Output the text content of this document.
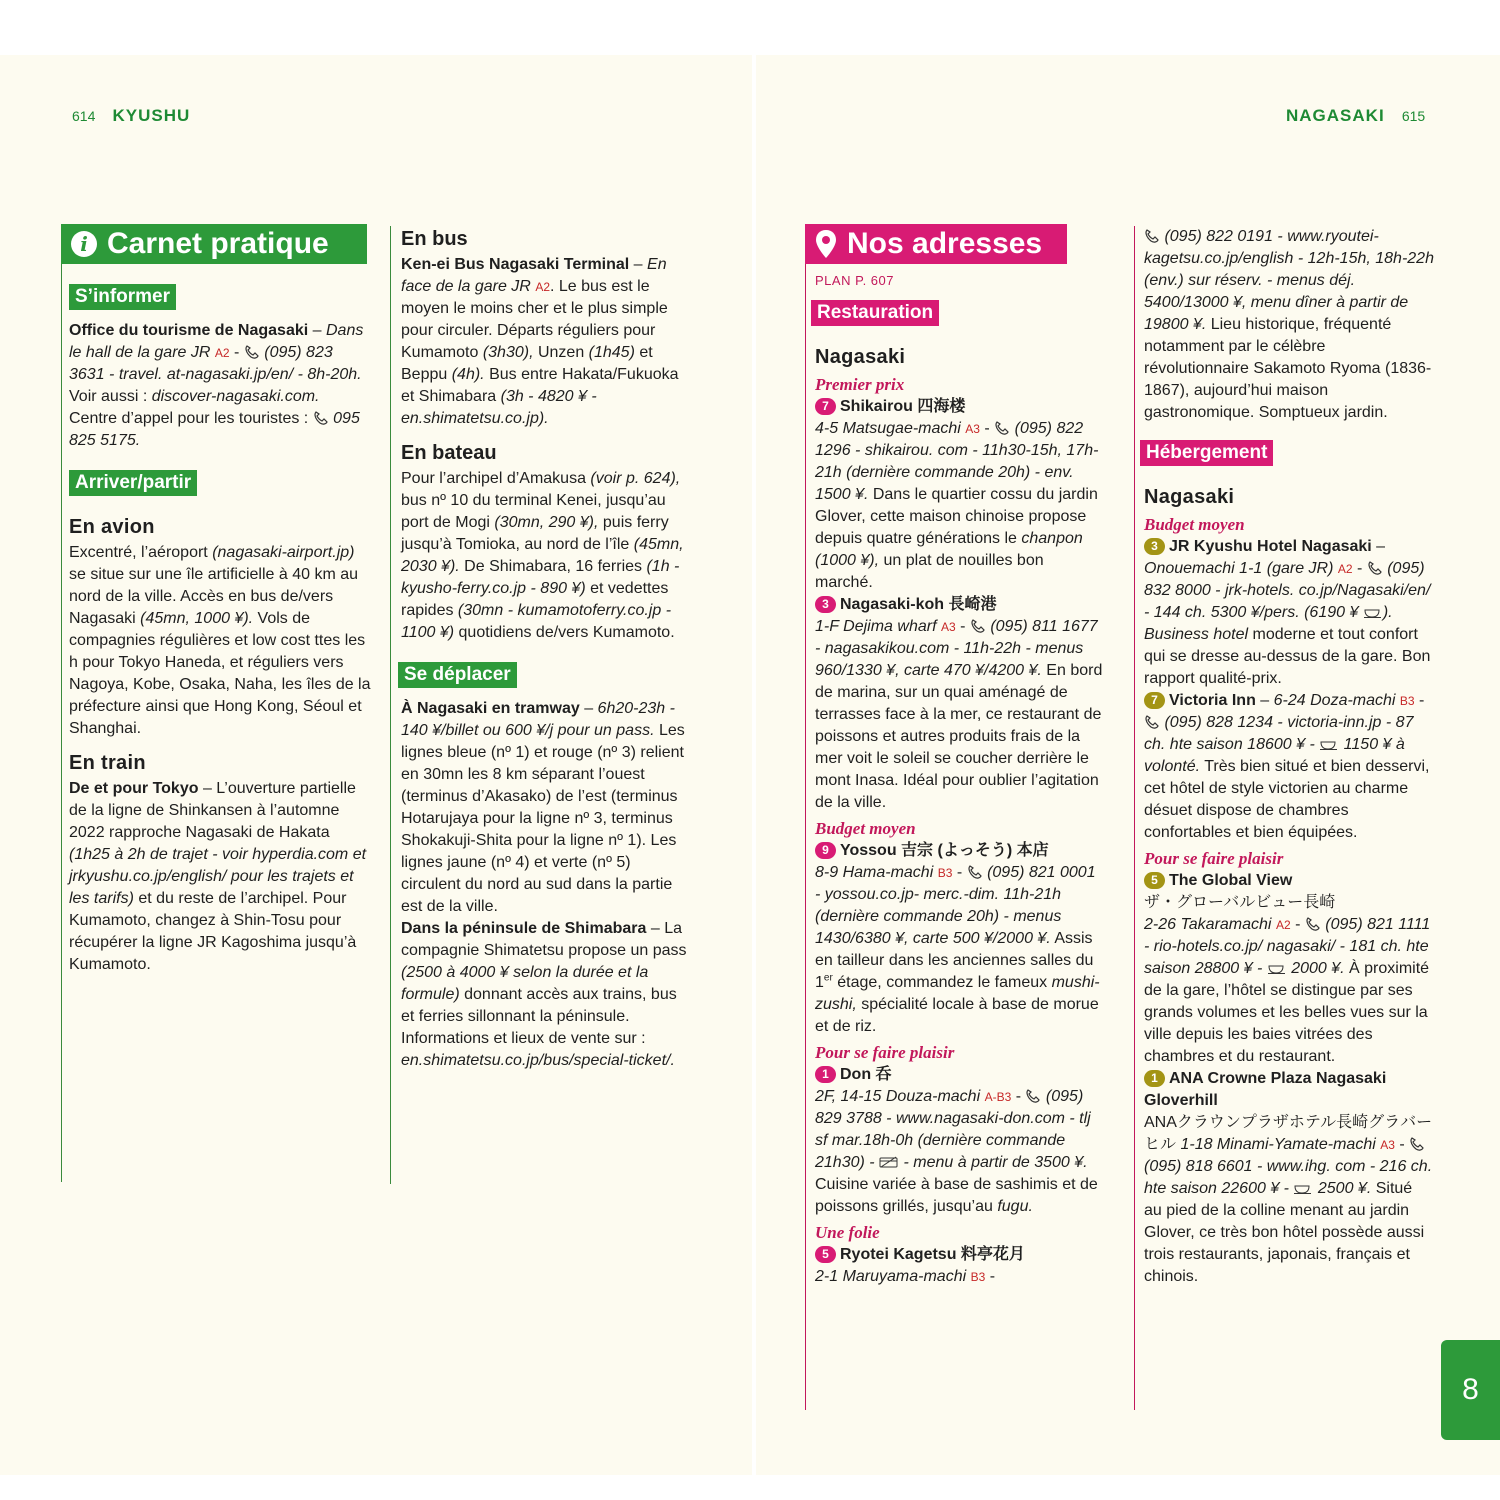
614 KYUSHU	NAGASAKI 615
i Carnet pratique
S’informer

Office du tourisme de Nagasaki – Dans le hall de la gare JR A2 -  (095) 823 3631 - travel. at-nagasaki.jp/en/ - 8h-20h. Voir aussi : discover-nagasaki.com. Centre d’appel pour les touristes :  095 825 5175.

Arriver/partir
En avion

Excentré, l’aéroport (nagasaki-airport.jp) se situe sur une île artificielle à 40 km au nord de la ville. Accès en bus de/vers Nagasaki (45mn, 1000 ¥). Vols de compagnies régulières et low cost ttes les h pour Tokyo Haneda, et réguliers vers Nagoya, Kobe, Osaka, Naha, les îles de la préfecture ainsi que Hong Kong, Séoul et Shanghai.

En train

De et pour Tokyo – L’ouverture partielle de la ligne de Shinkansen à l’automne 2022 rapproche Nagasaki de Hakata (1h25 à 2h de trajet - voir hyperdia.com et jrkyushu.co.jp/english/ pour les trajets et les tarifs) et du reste de l’archipel. Pour Kumamoto, changez à Shin-Tosu pour récupérer la ligne JR Kagoshima jusqu’à Kumamoto.

En bus

Ken-ei Bus Nagasaki Terminal – En face de la gare JR A2. Le bus est le moyen le moins cher et le plus simple pour circuler. Départs réguliers pour Kumamoto (3h30), Unzen (1h45) et Beppu (4h). Bus entre Hakata/Fukuoka et Shimabara (3h - 4820 ¥ - en.shimatetsu.co.jp).

En bateau

Pour l’archipel d’Amakusa (voir p. 624), bus nº 10 du terminal Kenei, jusqu’au port de Mogi (30mn, 290 ¥), puis ferry jusqu’à Tomioka, au nord de l’île (45mn, 2030 ¥). De Shimabara, 16 ferries (1h - kyusho-ferry.co.jp - 890 ¥) et vedettes rapides (30mn - kumamotoferry.co.jp - 1100 ¥) quotidiens de/vers Kumamoto.

Se déplacer

À Nagasaki en tramway – 6h20-23h - 140 ¥/billet ou 600 ¥/j pour un pass. Les lignes bleue (nº 1) et rouge (nº 3) relient en 30mn les 8 km séparant l’ouest (terminus d’Akasako) de l’est (terminus Hotarujaya pour la ligne nº 3, terminus Shokakuji-Shita pour la ligne nº 1). Les lignes jaune (nº 4) et verte (nº 5) circulent du nord au sud dans la partie est de la ville.

Dans la péninsule de Shimabara – La compagnie Shimatetsu propose un pass (2500 à 4000 ¥ selon la durée et la formule) donnant accès aux trains, bus et ferries sillonnant la péninsule. Informations et lieux de vente sur : en.shimatetsu.co.jp/bus/special-ticket/.

Nos adresses
PLAN P. 607
Restauration
Nagasaki
Premier prix

7 Shikairou 四海楼
4-5 Matsugae-machi A3 -  (095) 822 1296 - shikairou. com - 11h30-15h, 17h-21h (dernière commande 20h) - env. 1500 ¥. Dans le quartier cossu du jardin Glover, cette maison chinoise propose depuis quatre générations le chanpon (1000 ¥), un plat de nouilles bon marché.

3 Nagasaki-koh 長崎港
1-F Dejima wharf A3 -  (095) 811 1677 - nagasakikou.com - 11h-22h - menus 960/1330 ¥, carte 470 ¥/4200 ¥. En bord de marina, sur un quai aménagé de terrasses face à la mer, ce restaurant de poissons et autres produits frais de la mer voit le soleil se coucher derrière le mont Inasa. Idéal pour oublier l’agitation de la ville.

Budget moyen

9 Yossou 吉宗 (よっそう) 本店
8-9 Hama-machi B3 -  (095) 821 0001 - yossou.co.jp- merc.-dim. 11h-21h (dernière commande 20h) - menus 1430/6380 ¥, carte 500 ¥/2000 ¥. Assis en tailleur dans les anciennes salles du 1er étage, commandez le fameux mushi-zushi, spécialité locale à base de morue et de riz.

Pour se faire plaisir

1 Don 呑
2F, 14-15 Douza-machi A-B3 -  (095) 829 3788 - www.nagasaki-don.com - tlj sf mar.18h-0h (dernière commande 21h30) -  - menu à partir de 3500 ¥. Cuisine variée à base de sashimis et de poissons grillés, jusqu’au fugu.

Une folie

5 Ryotei Kagetsu 料亭花月
2-1 Maruyama-machi B3 -

(095) 822 0191 - www.ryoutei-kagetsu.co.jp/english - 12h-15h, 18h-22h (env.) sur réserv. - menus déj. 5400/13000 ¥, menu dîner à partir de 19800 ¥. Lieu historique, fréquenté notamment par le célèbre révolutionnaire Sakamoto Ryoma (1836-1867), aujourd’hui maison gastronomique. Somptueux jardin.

Hébergement
Nagasaki
Budget moyen

3 JR Kyushu Hotel Nagasaki – Onouemachi 1-1 (gare JR) A2 -  (095) 832 8000 - jrk-hotels. co.jp/Nagasaki/en/ - 144 ch. 5300 ¥/pers. (6190 ¥ ). Business hotel moderne et tout confort qui se dresse au-dessus de la gare. Bon rapport qualité-prix.

7 Victoria Inn – 6-24 Doza-machi B3 -  (095) 828 1234 - victoria-inn.jp - 87 ch. hte saison 18600 ¥ -  1150 ¥ à volonté. Très bien situé et bien desservi, cet hôtel de style victorien au charme désuet dispose de chambres confortables et bien équipées.

Pour se faire plaisir

5 The Global View
ザ・グローバルビュー長崎
2-26 Takaramachi A2 -  (095) 821 1111 - rio-hotels.co.jp/ nagasaki/ - 181 ch. hte saison 28800 ¥ -  2000 ¥. À proximité de la gare, l’hôtel se distingue par ses grands volumes et les belles vues sur la ville depuis les baies vitrées des chambres et du restaurant.

1 ANA Crowne Plaza Nagasaki Gloverhill
ANAクラウンプラザホテル長崎グラバーヒル 1-18 Minami-Yamate-machi A3 -  (095) 818 6601 - www.ihg. com - 216 ch. hte saison 22600 ¥ -  2500 ¥. Situé au pied de la colline menant au jardin Glover, ce très bon hôtel possède aussi trois restaurants, japonais, français et chinois.

8
